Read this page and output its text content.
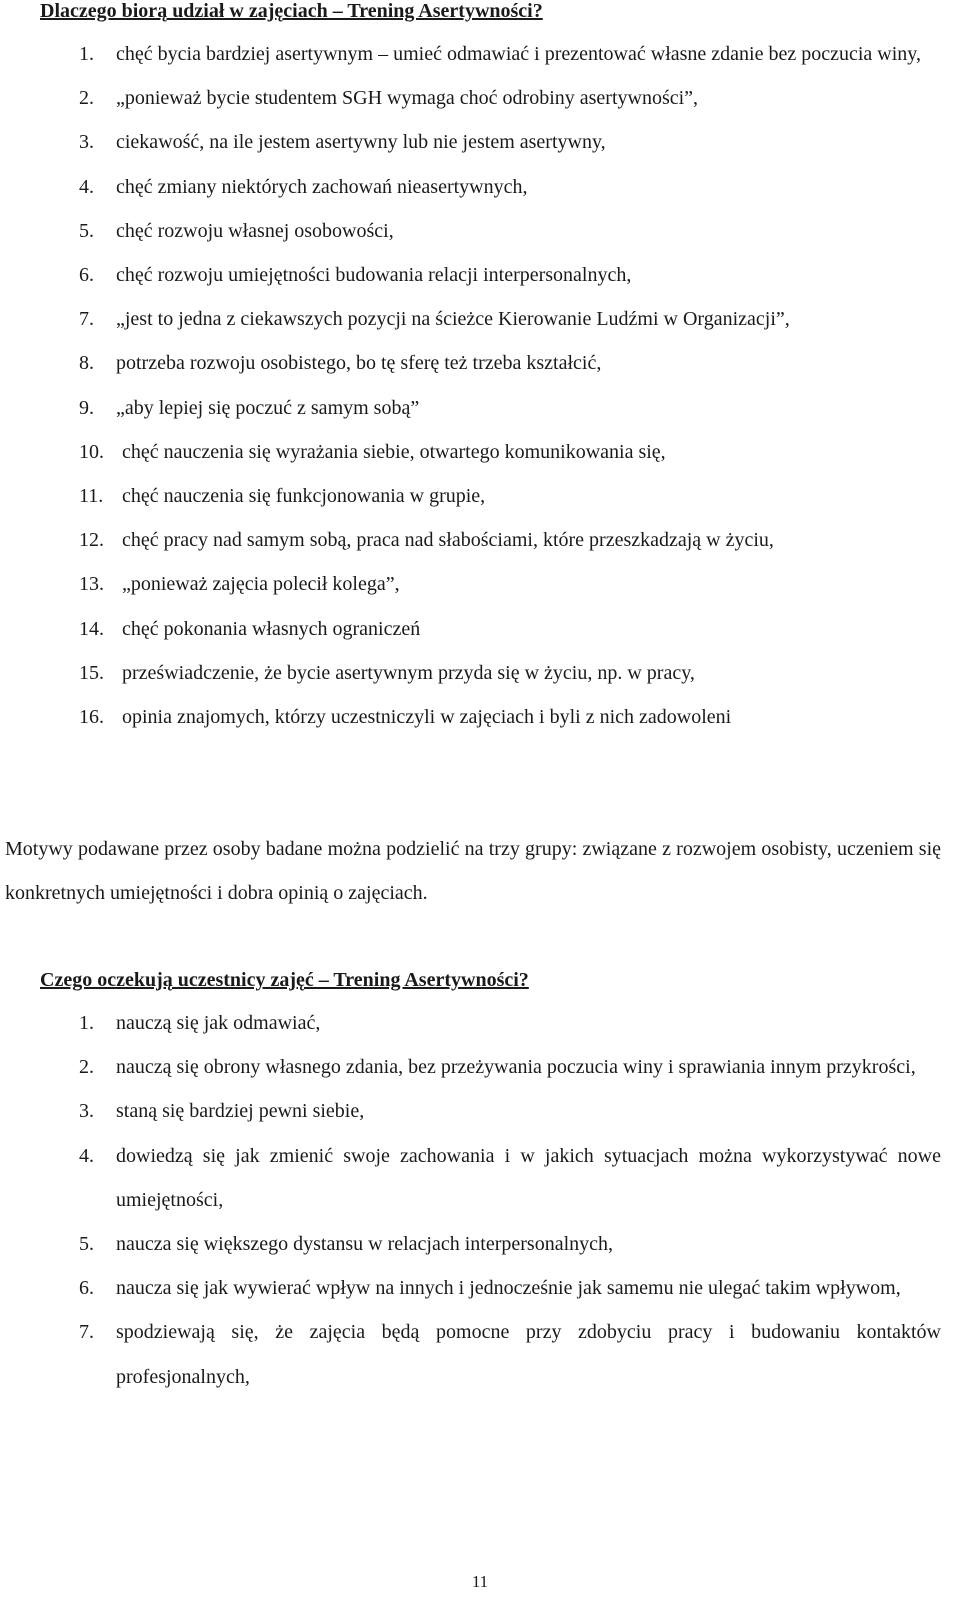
Dlaczego biorą udział w zajęciach – Trening Asertywności?
1. chęć bycia bardziej asertywnym – umieć odmawiać i prezentować własne zdanie bez poczucia winy,
2. „ponieważ bycie studentem SGH wymaga choć odrobiny asertywności”,
3. ciekawość, na ile jestem asertywny lub nie jestem asertywny,
4. chęć zmiany niektórych zachowań nieasertywnych,
5. chęć rozwoju własnej osobowości,
6. chęć rozwoju umiejętności budowania relacji interpersonalnych,
7. „jest to jedna z ciekawszych pozycji na ścieżce Kierowanie Ludźmi w Organizacji”,
8. potrzeba rozwoju osobistego, bo tę sferę też trzeba kształcić,
9. „aby lepiej się poczuć z samym sobą”
10. chęć nauczenia się wyrażania siebie, otwartego komunikowania się,
11. chęć nauczenia się funkcjonowania w grupie,
12. chęć pracy nad samym sobą, praca nad słabościami, które przeszkadzają w życiu,
13. „ponieważ zajęcia polecił kolega”,
14. chęć pokonania własnych ograniczeń
15. przeświadczenie, że bycie asertywnym przyda się w życiu, np. w pracy,
16. opinia znajomych, którzy uczestniczyli w zajęciach i byli z nich zadowoleni

Motywy podawane przez osoby badane można podzielić na trzy grupy: związane z rozwojem osobisty, uczeniem się konkretnych umiejętności i dobra opinią o zajęciach.

Czego oczekują uczestnicy zajęć – Trening Asertywności?
1. nauczą się jak odmawiać,
2. nauczą się obrony własnego zdania, bez przeżywania poczucia winy i sprawiania innym przykrości,
3. staną się bardziej pewni siebie,
4. dowiedzą się jak zmienić swoje zachowania i w jakich sytuacjach można wykorzystywać nowe umiejętności,
5. naucza się większego dystansu w relacjach interpersonalnych,
6. naucza się jak wywierać wpływ na innych i jednocześnie jak samemu nie ulegać takim wpływom,
7. spodziewają się, że zajęcia będą pomocne przy zdobyciu pracy i budowaniu kontaktów profesjonalnych,
11
